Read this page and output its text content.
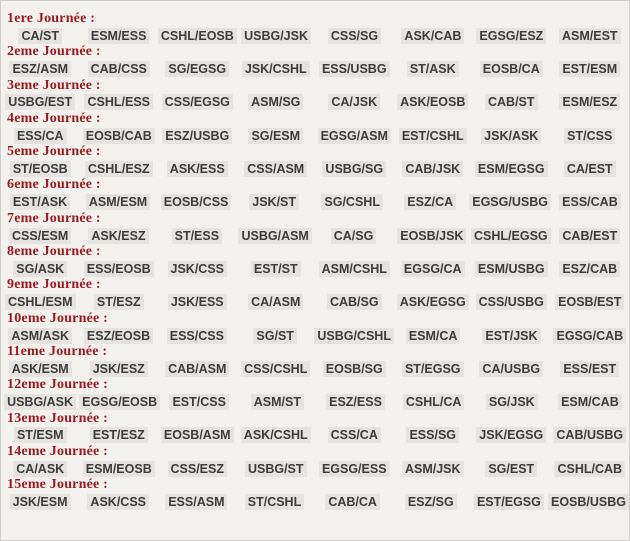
1ere Journée :
CA/ST	ESM/ESS CSHL/EOSB USBG/JSK CSS/SG ASK/CAB EGSG/ESZ ASM/EST
2eme Journée :
ESZ/ASM CAB/CSS SG/EGSG JSK/CSHL ESS/USBG ST/ASK EOSB/CA EST/ESM
3eme Journée :
USBG/EST CSHL/ESS CSS/EGSG ASM/SG CA/JSK ASK/EOSB CAB/ST ESM/ESZ
4eme Journée :
ESS/CA EOSB/CAB ESZ/USBG SG/ESM EGSG/ASM EST/CSHL JSK/ASK ST/CSS
5eme Journée :
ST/EOSB CSHL/ESZ ASK/ESS CSS/ASM USBG/SG CAB/JSK ESM/EGSG CA/EST
6eme Journée :
EST/ASK ASM/ESM EOSB/CSS JSK/ST SG/CSHL ESZ/CA EGSG/USBG ESS/CAB
7eme Journée :
CSS/ESM ASK/ESZ ST/ESS USBG/ASM CA/SG EOSB/JSK CSHL/EGSG CAB/EST
8eme Journée :
SG/ASK ESS/EOSB JSK/CSS EST/ST ASM/CSHL EGSG/CA ESM/USBG ESZ/CAB
9eme Journée :
CSHL/ESM ST/ESZ JSK/ESS CA/ASM CAB/SG ASK/EGSG CSS/USBG EOSB/EST
10eme Journée :
ASM/ASK ESZ/EOSB ESS/CSS	SG/ST USBG/CSHL ESM/CA EST/JSK EGSG/CAB
11eme Journée :
ASK/ESM JSK/ESZ CAB/ASM CSS/CSHL EOSB/SG ST/EGSG CA/USBG ESS/EST
12eme Journée :
USBG/ASK EGSG/EOSB EST/CSS ASM/ST ESZ/ESS CSHL/CA SG/JSK ESM/CAB
13eme Journée :
ST/ESM EST/ESZ EOSB/ASM ASK/CSHL CSS/CA	ESS/SG JSK/EGSG CAB/USBG
14eme Journée :
CA/ASK ESM/EOSB CSS/ESZ USBG/ST EGSG/ESS ASM/JSK SG/EST CSHL/CAB
15eme Journée :
JSK/ESM ASK/CSS ESS/ASM ST/CSHL CAB/CA ESZ/SG EST/EGSG EOSB/USBG
